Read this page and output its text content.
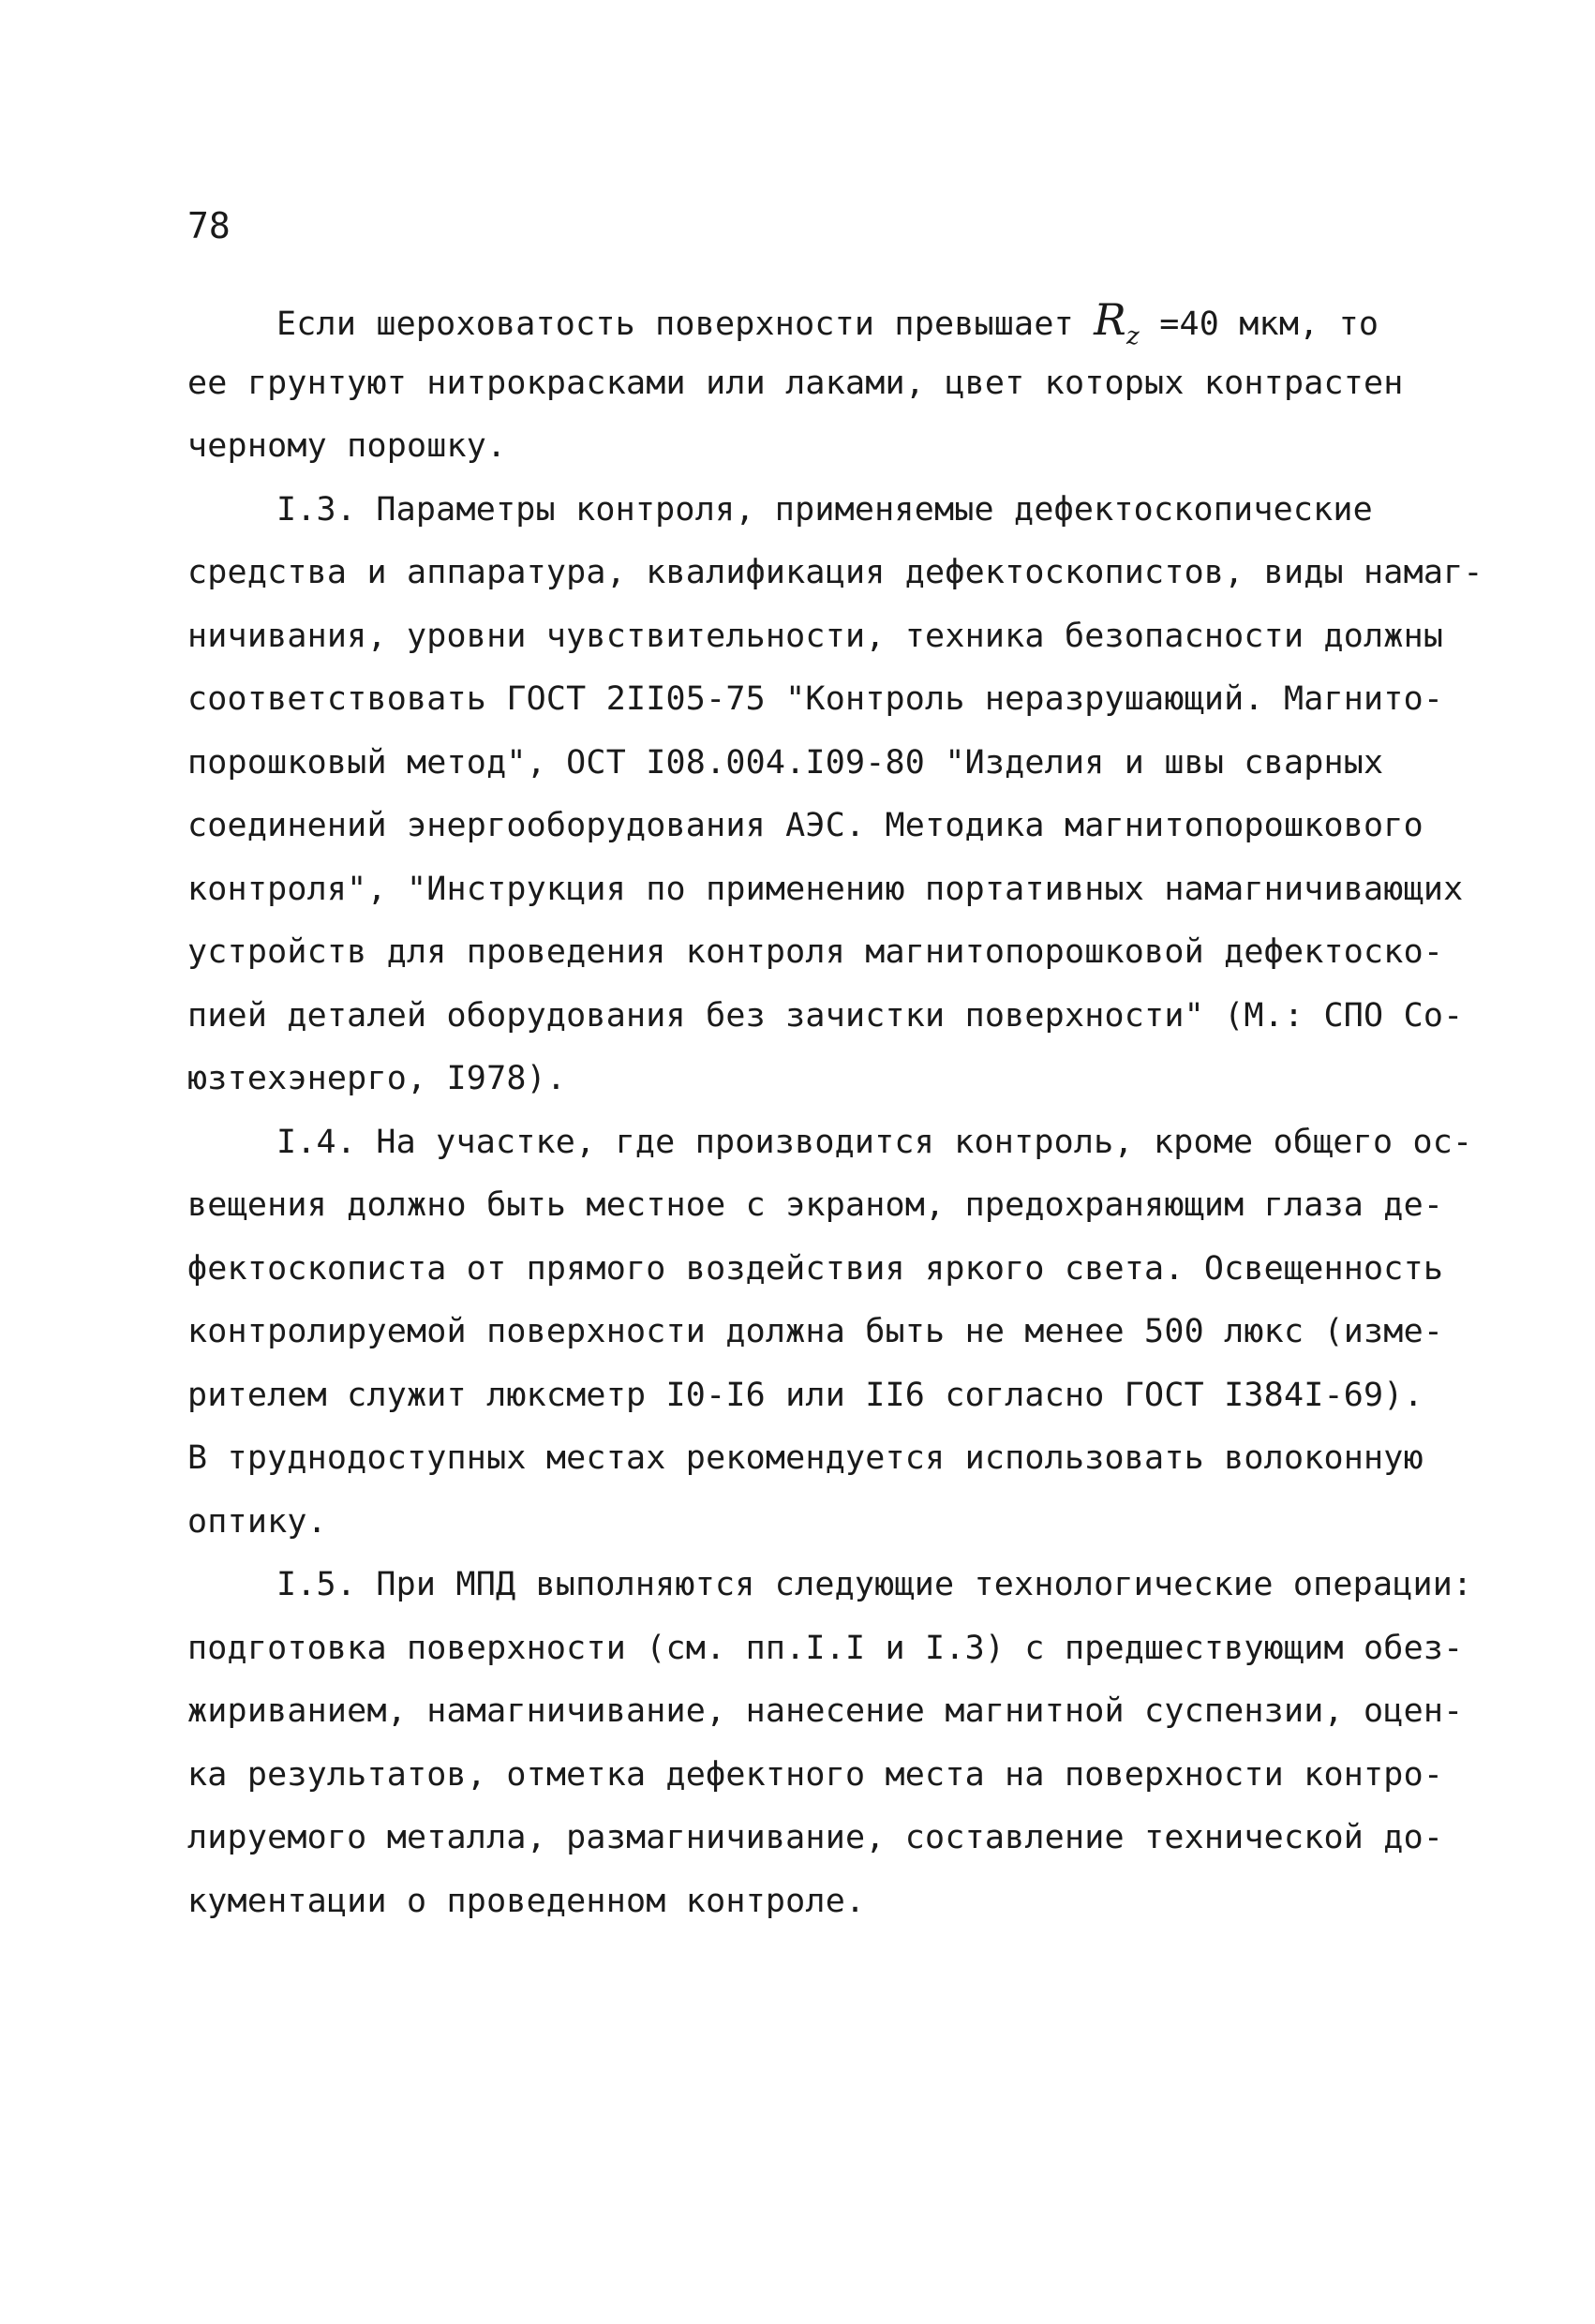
78
Если шероховатость поверхности превышает $R_z =40$ мкм, то
ее грунтуют нитрокрасками или лаками, цвет которых контрастен
черному порошку.
I.3. Параметры контроля, применяемые дефектоскопические
средства и аппаратура, квалификация дефектоскопистов, виды намаг-
ничивания, уровни чувствительности, техника безопасности должны
соответствовать ГОСТ 2II05-75 "Контроль неразрушающий. Магнито-
порошковый метод", ОСТ I08.004.I09-80 "Изделия и швы сварных
соединений энергооборудования АЭС. Методика магнитопорошкового
контроля", "Инструкция по применению портативных намагничивающих
устройств для проведения контроля магнитопорошковой дефектоско-
пией деталей оборудования без зачистки поверхности" (М.: СПО Со-
юзтехэнерго, I978).
I.4. На участке, где производится контроль, кроме общего ос-
вещения должно быть местное с экраном, предохраняющим глаза де-
фектоскописта от прямого воздействия яркого света. Освещенность
контролируемой поверхности должна быть не менее 500 люкс (изме-
рителем служит люксметр I0-I6 или II6 согласно ГОСТ I384I-69).
В труднодоступных местах рекомендуется использовать волоконную
оптику.
I.5. При МПД выполняются следующие технологические операции:
подготовка поверхности (см. пп.I.I и I.3) с предшествующим обез-
жириванием, намагничивание, нанесение магнитной суспензии, оцен-
ка результатов, отметка дефектного места на поверхности контро-
лируемого металла, размагничивание, составление технической до-
кументации о проведенном контроле.
